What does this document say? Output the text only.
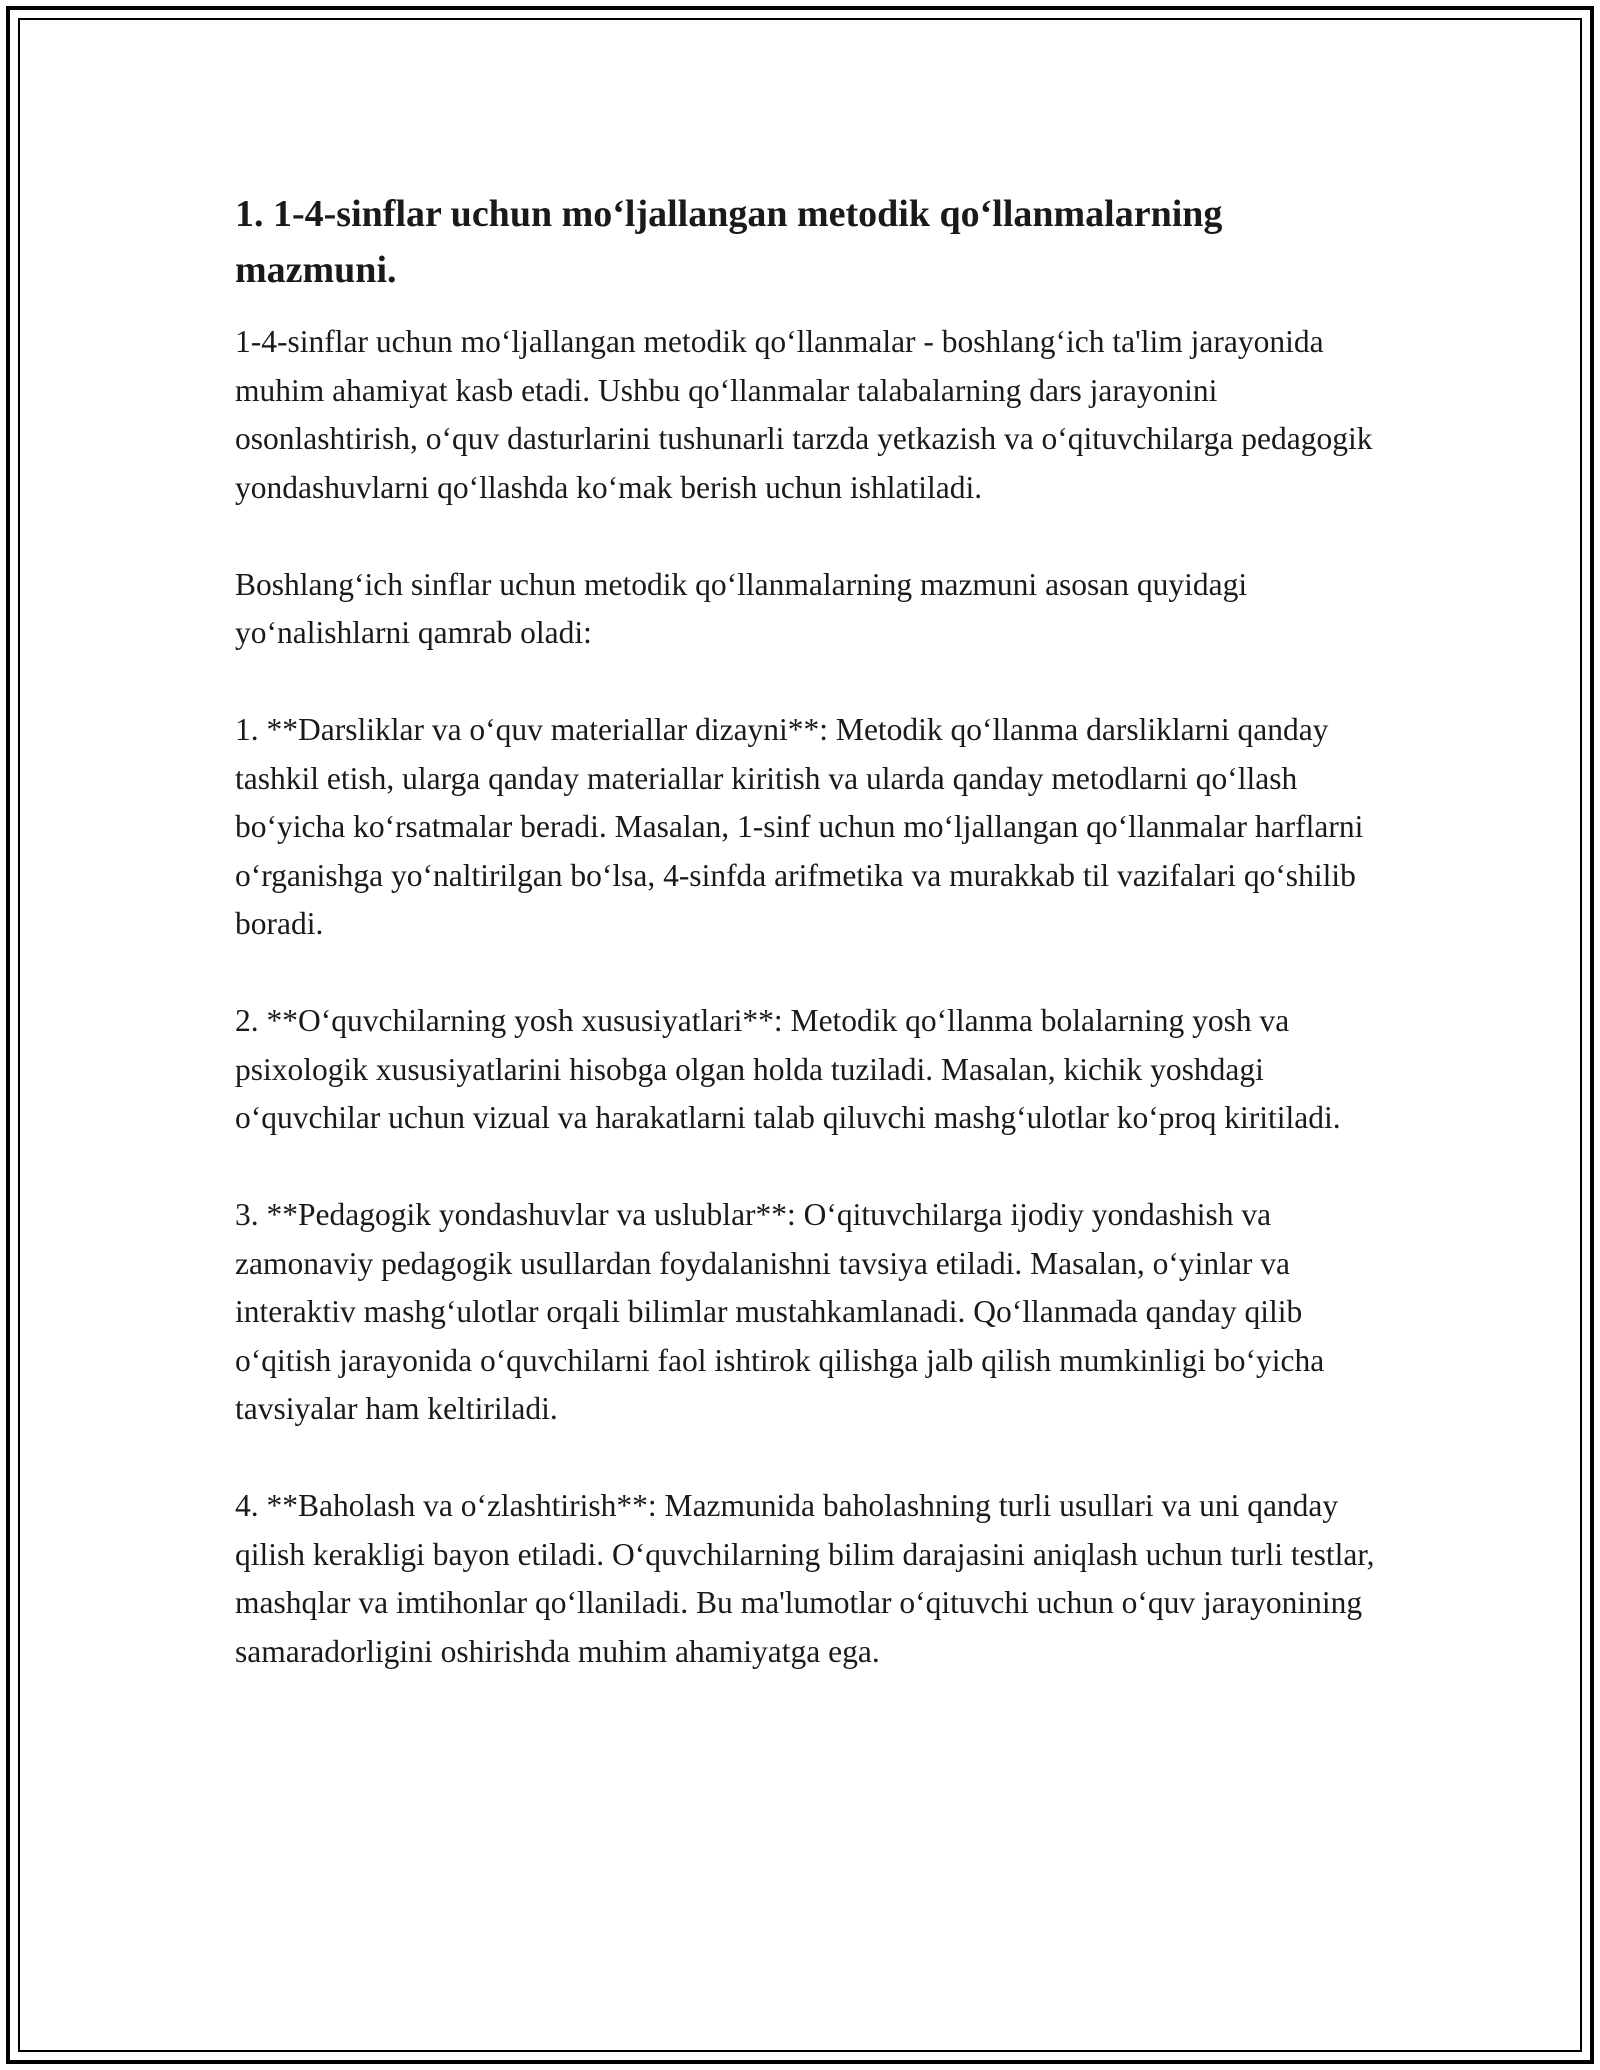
1. 1-4-sinflar uchun mo‘ljallangan metodik qo‘llanmalarning mazmuni.

1-4-sinflar uchun mo‘ljallangan metodik qo‘llanmalar - boshlang‘ich ta'lim jarayonida muhim ahamiyat kasb etadi. Ushbu qo‘llanmalar talabalarning dars jarayonini osonlashtirish, o‘quv dasturlarini tushunarli tarzda yetkazish va o‘qituvchilarga pedagogik yondashuvlarni qo‘llashda ko‘mak berish uchun ishlatiladi.

Boshlang‘ich sinflar uchun metodik qo‘llanmalarning mazmuni asosan quyidagi yo‘nalishlarni qamrab oladi:

1. **Darsliklar va o‘quv materiallar dizayni**: Metodik qo‘llanma darsliklarni qanday tashkil etish, ularga qanday materiallar kiritish va ularda qanday metodlarni qo‘llash bo‘yicha ko‘rsatmalar beradi. Masalan, 1-sinf uchun mo‘ljallangan qo‘llanmalar harflarni o‘rganishga yo‘naltirilgan bo‘lsa, 4-sinfda arifmetika va murakkab til vazifalari qo‘shilib boradi.

2. **O‘quvchilarning yosh xususiyatlari**: Metodik qo‘llanma bolalarning yosh va psixologik xususiyatlarini hisobga olgan holda tuziladi. Masalan, kichik yoshdagi o‘quvchilar uchun vizual va harakatlarni talab qiluvchi mashg‘ulotlar ko‘proq kiritiladi.

3. **Pedagogik yondashuvlar va uslublar**: O‘qituvchilarga ijodiy yondashish va zamonaviy pedagogik usullardan foydalanishni tavsiya etiladi. Masalan, o‘yinlar va interaktiv mashg‘ulotlar orqali bilimlar mustahkamlanadi. Qo‘llanmada qanday qilib o‘qitish jarayonida o‘quvchilarni faol ishtirok qilishga jalb qilish mumkinligi bo‘yicha tavsiyalar ham keltiriladi.

4. **Baholash va o‘zlashtirish**: Mazmunida baholashning turli usullari va uni qanday qilish kerakligi bayon etiladi. O‘quvchilarning bilim darajasini aniqlash uchun turli testlar, mashqlar va imtihonlar qo‘llaniladi. Bu ma'lumotlar o‘qituvchi uchun o‘quv jarayonining samaradorligini oshirishda muhim ahamiyatga ega.
